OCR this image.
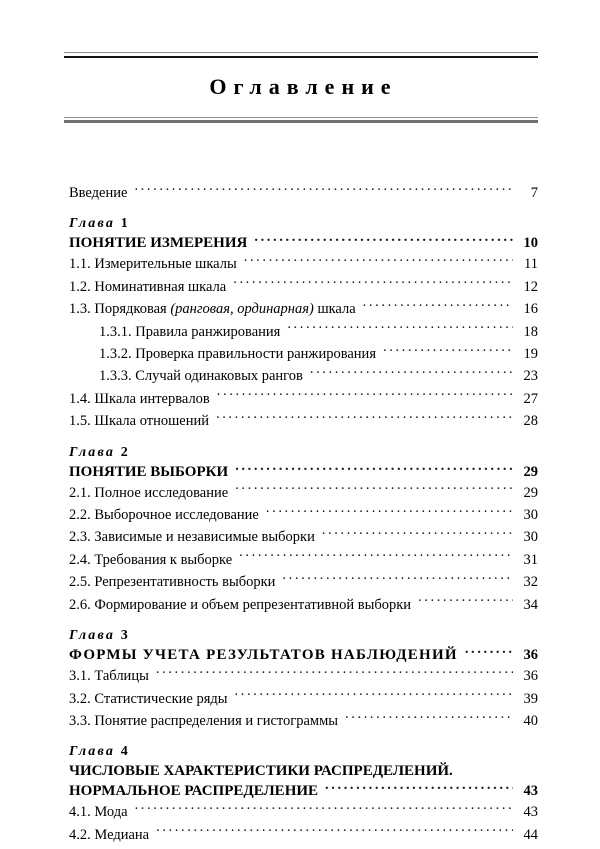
Оглавление
Введение .....	7
Глава 1
ПОНЯТИЕ ИЗМЕРЕНИЯ .....	10
1.1. Измерительные шкалы .....	11
1.2. Номинативная шкала .....	12
1.3. Порядковая (ранговая, ординарная) шкала .....	16
1.3.1. Правила ранжирования .....	18
1.3.2. Проверка правильности ранжирования .....	19
1.3.3. Случай одинаковых рангов .....	23
1.4. Шкала интервалов .....	27
1.5. Шкала отношений .....	28
Глава 2
ПОНЯТИЕ ВЫБОРКИ .....	29
2.1. Полное исследование .....	29
2.2. Выборочное исследование .....	30
2.3. Зависимые и независимые выборки .....	30
2.4. Требования к выборке .....	31
2.5. Репрезентативность выборки .....	32
2.6. Формирование и объем репрезентативной выборки .....	34
Глава 3
ФОРМЫ УЧЕТА РЕЗУЛЬТАТОВ НАБЛЮДЕНИЙ .....	36
3.1. Таблицы .....	36
3.2. Статистические ряды .....	39
3.3. Понятие распределения и гистограммы .....	40
Глава 4
ЧИСЛОВЫЕ ХАРАКТЕРИСТИКИ РАСПРЕДЕЛЕНИЙ.
НОРМАЛЬНОЕ РАСПРЕДЕЛЕНИЕ .....	43
4.1. Мода .....	43
4.2. Медиана .....	44
